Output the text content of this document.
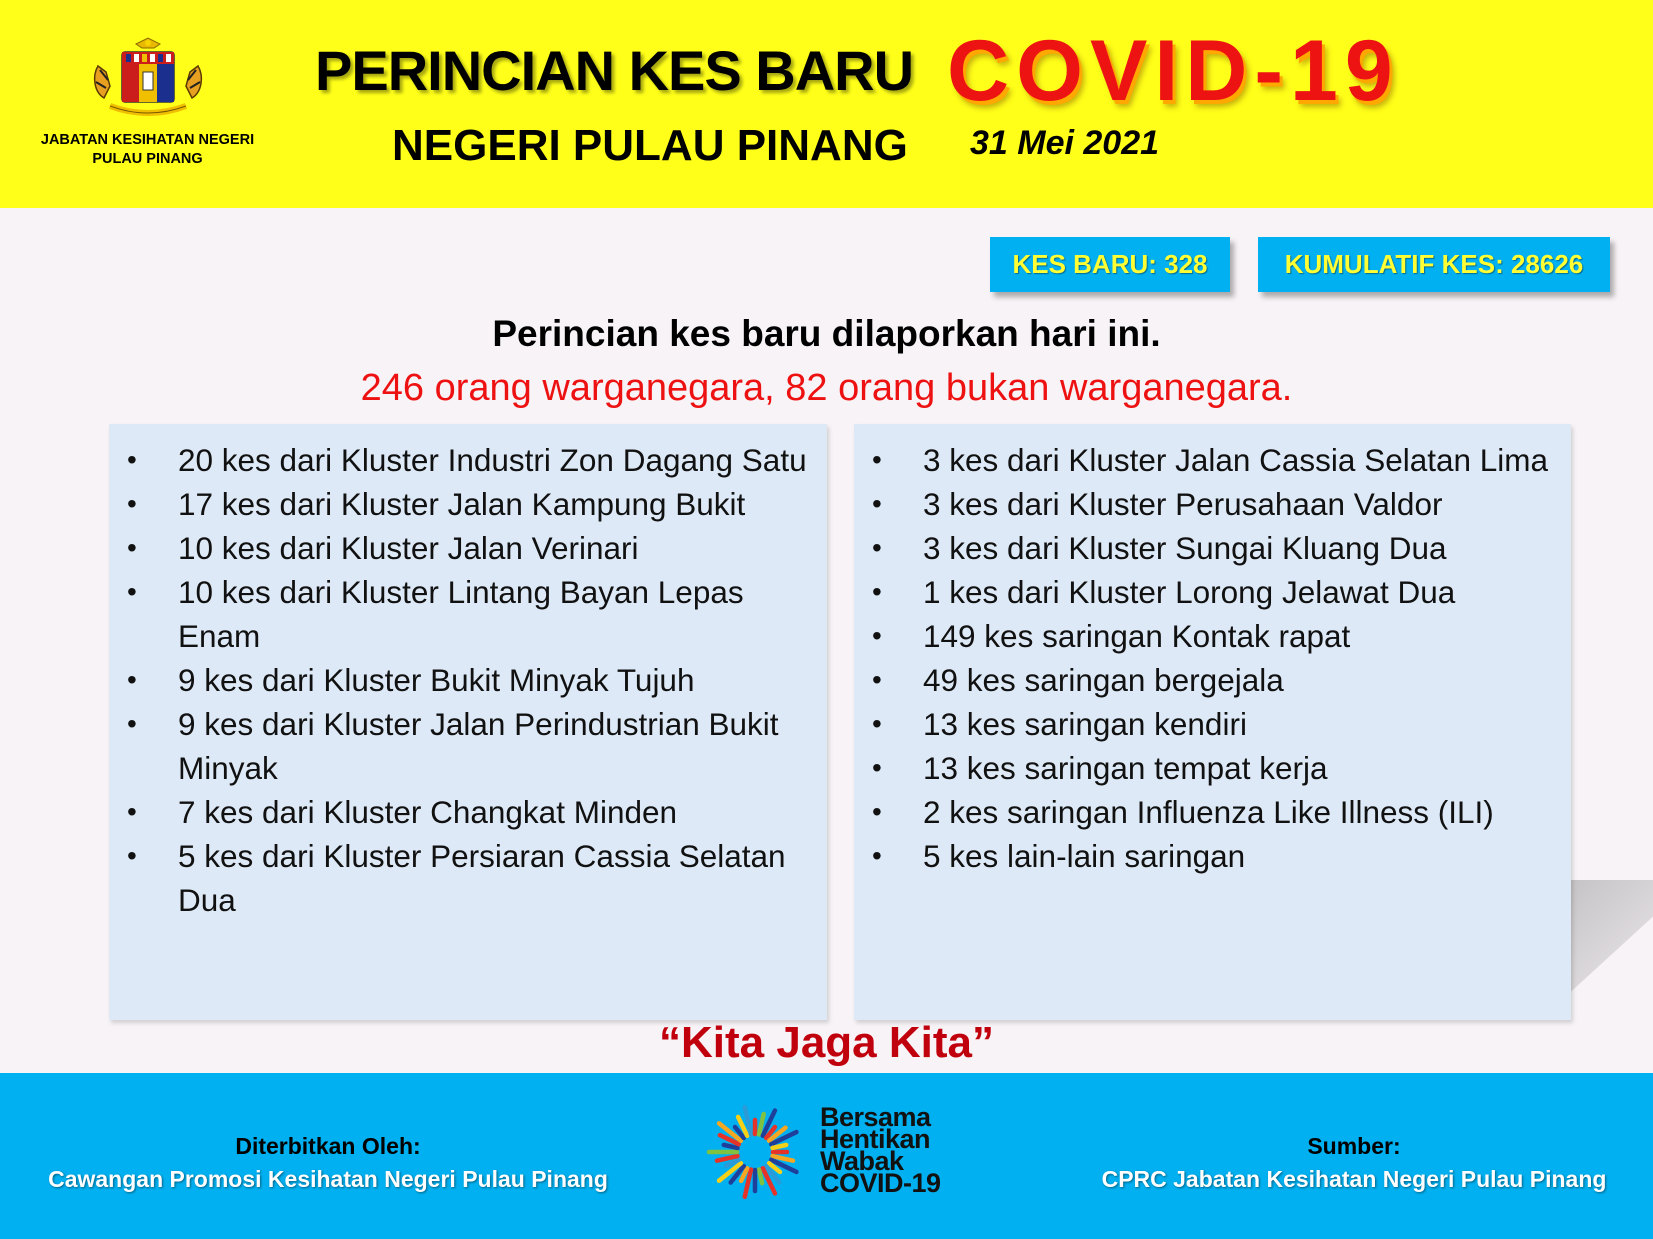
JABATAN KESIHATAN NEGERI
PULAU PINANG
PERINCIAN KES BARU COVID-19
NEGERI PULAU PINANG 31 Mei 2021
KES BARU: 328	KUMULATIF KES: 28626
Perincian kes baru dilaporkan hari ini.
246 orang warganegara, 82 orang bukan warganegara.
• 20 kes dari Kluster Industri Zon Dagang Satu
• 17 kes dari Kluster Jalan Kampung Bukit
• 10 kes dari Kluster Jalan Verinari
• 10 kes dari Kluster Lintang Bayan Lepas Enam
• 9 kes dari Kluster Bukit Minyak Tujuh
• 9 kes dari Kluster Jalan Perindustrian Bukit Minyak
• 7 kes dari Kluster Changkat Minden
• 5 kes dari Kluster Persiaran Cassia Selatan Dua
• 3 kes dari Kluster Jalan Cassia Selatan Lima
• 3 kes dari Kluster Perusahaan Valdor
• 3 kes dari Kluster Sungai Kluang Dua
• 1 kes dari Kluster Lorong Jelawat Dua
• 149 kes saringan Kontak rapat
• 49 kes saringan bergejala
• 13 kes saringan kendiri
• 13 kes saringan tempat kerja
• 2 kes saringan Influenza Like Illness (ILI)
• 5 kes lain-lain saringan
“Kita Jaga Kita”
Diterbitkan Oleh:
Cawangan Promosi Kesihatan Negeri Pulau Pinang
Sumber:
CPRC Jabatan Kesihatan Negeri Pulau Pinang
Bersama
Hentikan
Wabak
COVID-19
